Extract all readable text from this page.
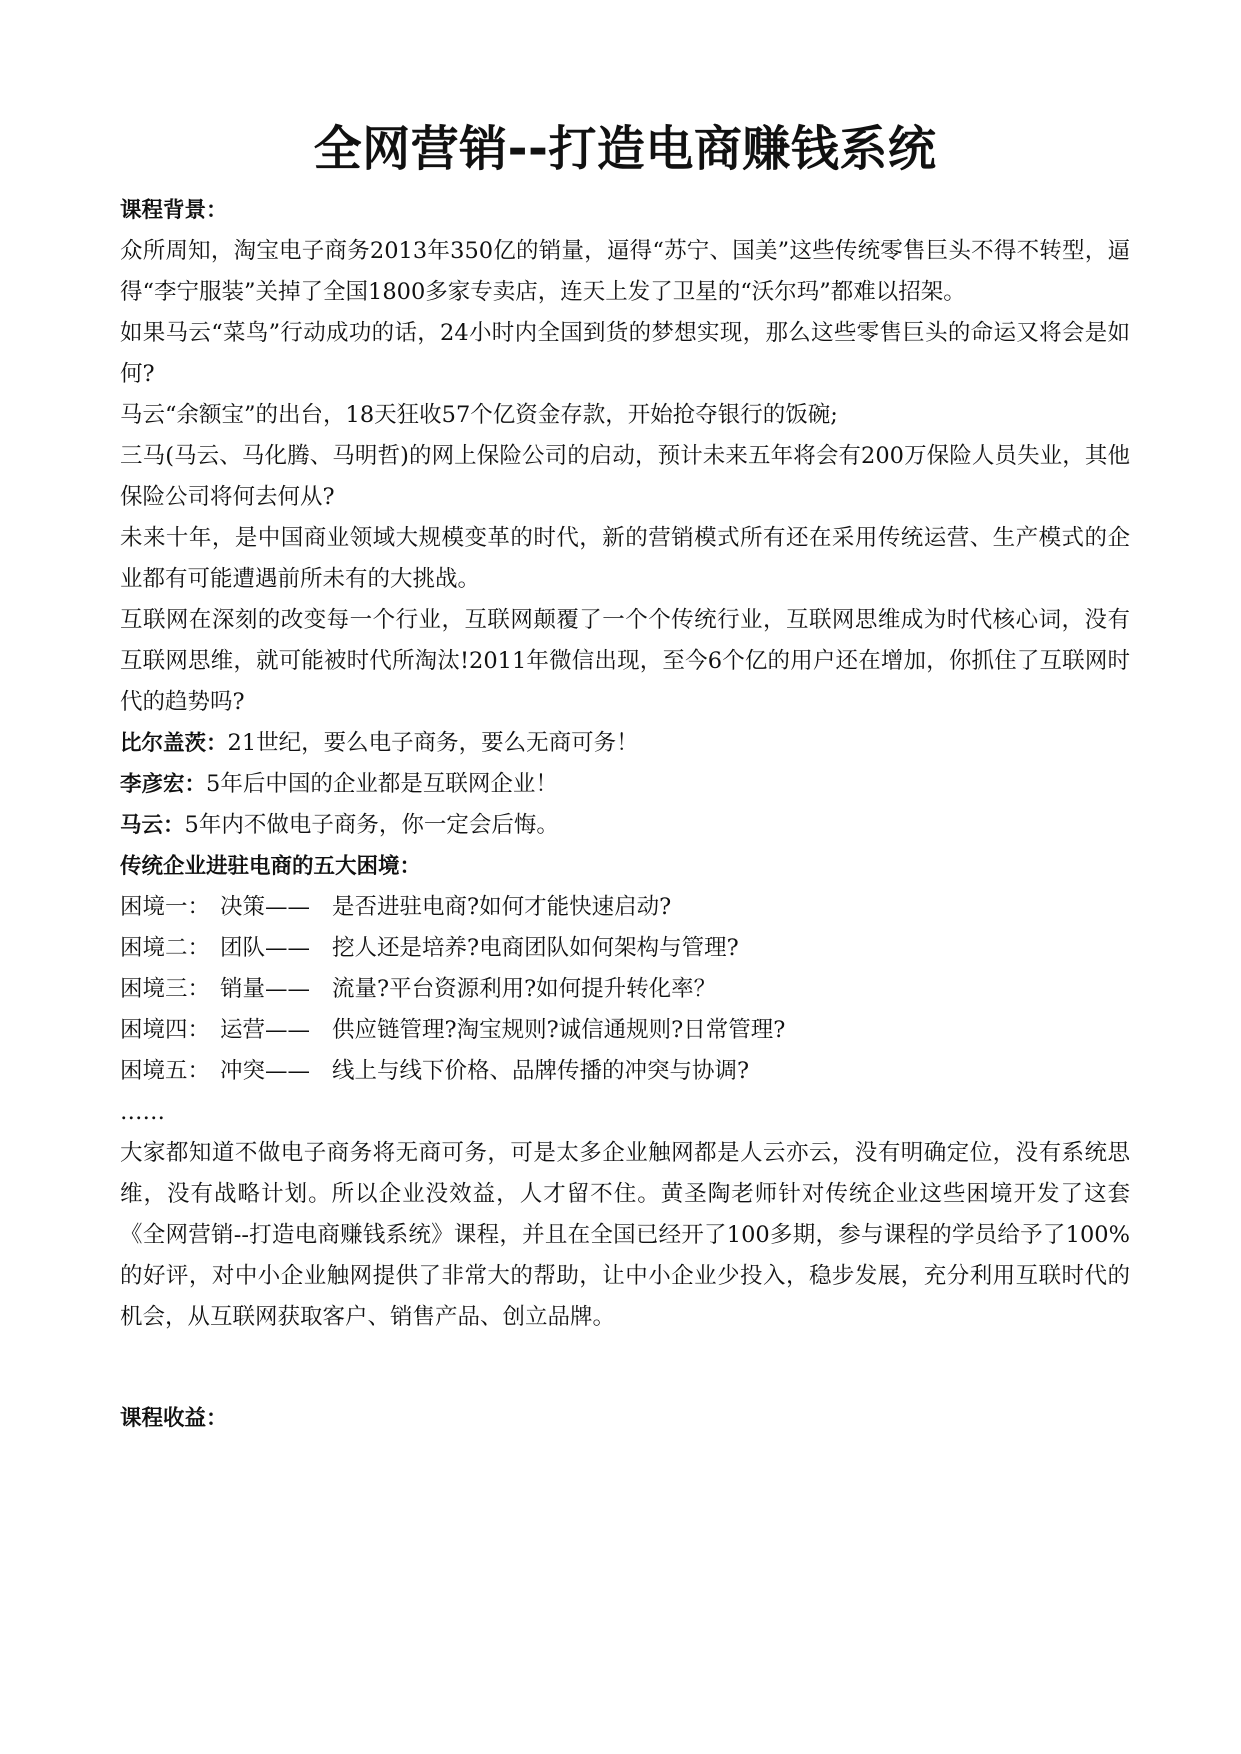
全网营销--打造电商赚钱系统

课程背景：

众所周知，淘宝电子商务2013年350亿的销量，逼得“苏宁、国美”这些传统零售巨头不得不转型，逼得“李宁服装”关掉了全国1800多家专卖店，连天上发了卫星的“沃尔玛”都难以招架。

如果马云“菜鸟”行动成功的话，24小时内全国到货的梦想实现，那么这些零售巨头的命运又将会是如何?

马云“余额宝”的出台，18天狂收57个亿资金存款，开始抢夺银行的饭碗;

三马(马云、马化腾、马明哲)的网上保险公司的启动，预计未来五年将会有200万保险人员失业，其他保险公司将何去何从?

未来十年，是中国商业领域大规模变革的时代，新的营销模式所有还在采用传统运营、生产模式的企业都有可能遭遇前所未有的大挑战。

互联网在深刻的改变每一个行业，互联网颠覆了一个个传统行业，互联网思维成为时代核心词，没有互联网思维，就可能被时代所淘汰!2011年微信出现，至今6个亿的用户还在增加，你抓住了互联网时代的趋势吗?

比尔盖茨：21世纪，要么电子商务，要么无商可务！

李彦宏：5年后中国的企业都是互联网企业！

马云：5年内不做电子商务，你一定会后悔。

传统企业进驻电商的五大困境：

困境一： 决策—— 是否进驻电商?如何才能快速启动?

困境二： 团队—— 挖人还是培养?电商团队如何架构与管理?

困境三： 销量—— 流量?平台资源利用?如何提升转化率？

困境四： 运营—— 供应链管理?淘宝规则?诚信通规则?日常管理?

困境五： 冲突—— 线上与线下价格、品牌传播的冲突与协调?

……

大家都知道不做电子商务将无商可务，可是太多企业触网都是人云亦云，没有明确定位，没有系统思维，没有战略计划。所以企业没效益，人才留不住。黄圣陶老师针对传统企业这些困境开发了这套《全网营销--打造电商赚钱系统》课程，并且在全国已经开了100多期，参与课程的学员给予了100%的好评，对中小企业触网提供了非常大的帮助，让中小企业少投入，稳步发展，充分利用互联时代的机会，从互联网获取客户、销售产品、创立品牌。

课程收益：
